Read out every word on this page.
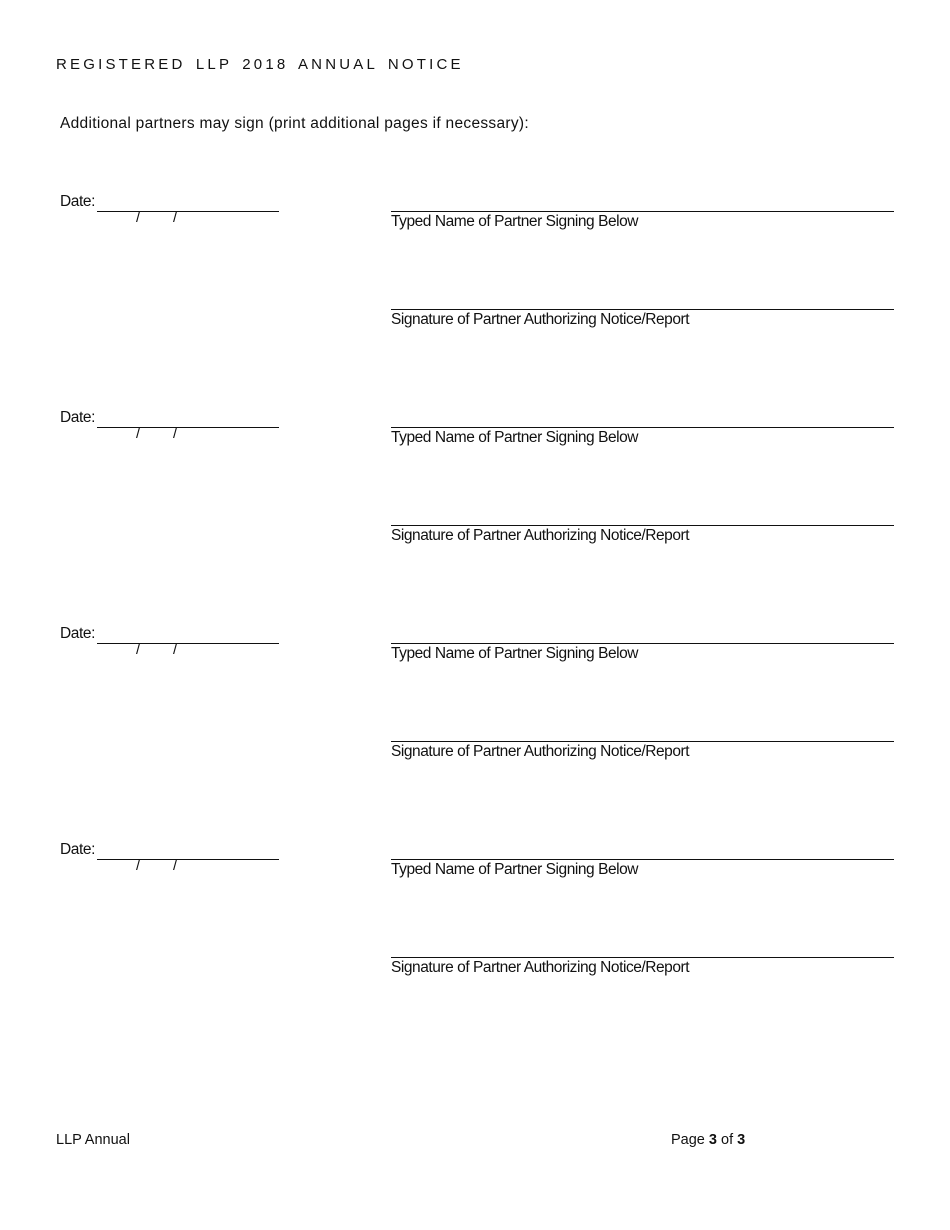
REGISTERED LLP 2018 ANNUAL NOTICE
Additional partners may sign (print additional pages if necessary):
Date:
/ /	Typed Name of Partner Signing Below
Signature of Partner Authorizing Notice/Report
Date:
/ /	Typed Name of Partner Signing Below
Signature of Partner Authorizing Notice/Report
Date:
/ /	Typed Name of Partner Signing Below
Signature of Partner Authorizing Notice/Report
Date:
/ /	Typed Name of Partner Signing Below
Signature of Partner Authorizing Notice/Report
LLP Annual	Page 3 of 3
